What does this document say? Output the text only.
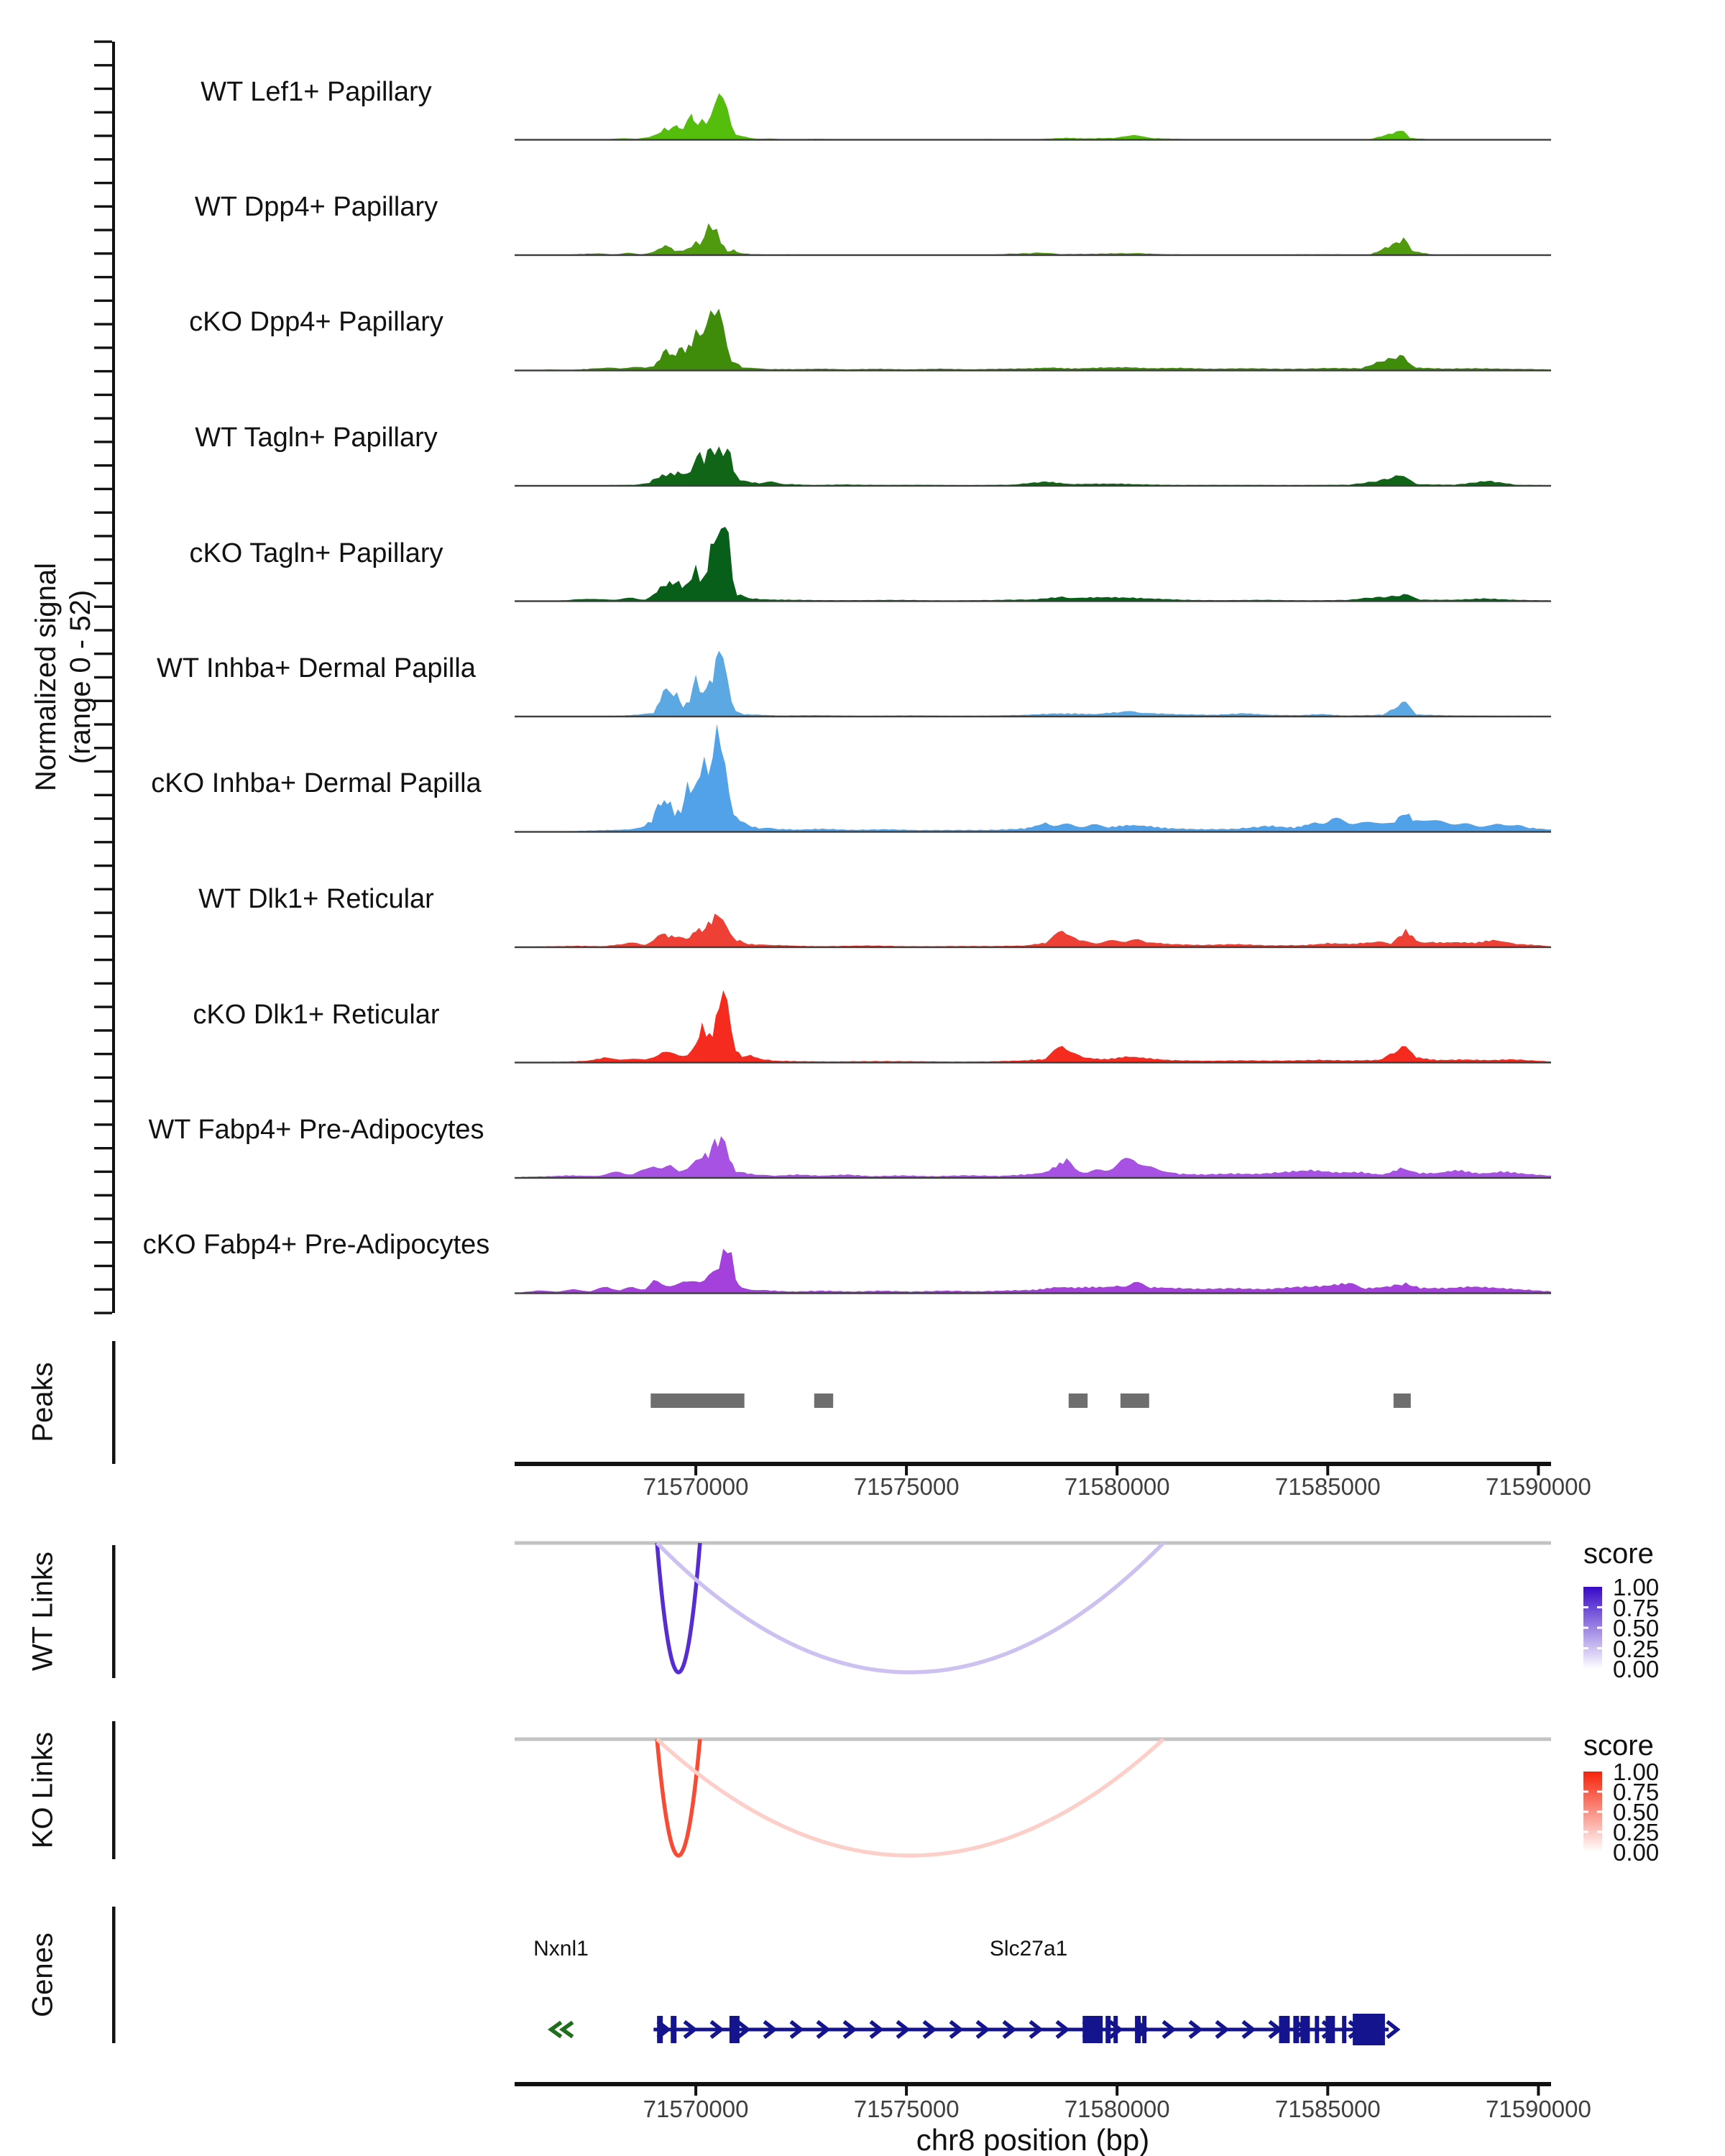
Normalized signal (range 0 - 52)
WT Lef1+ Papillary
WT Dpp4+ Papillary
cKO Dpp4+ Papillary
WT Tagln+ Papillary
cKO Tagln+ Papillary
WT Inhba+ Dermal Papilla
cKO Inhba+ Dermal Papilla
WT Dlk1+ Reticular
cKO Dlk1+ Reticular
WT Fabp4+ Pre-Adipocytes
cKO Fabp4+ Pre-Adipocytes
Peaks
WT Links
KO Links
Genes
score
score
chr8 position (bp)
71570000	71575000	71580000	71585000	71590000
71570000	71575000	71580000	71585000	71590000
1.00
0.75
0.50
0.25
0.00
1.00
0.75
0.50
0.25
0.00
Nxnl1	Slc27a1
